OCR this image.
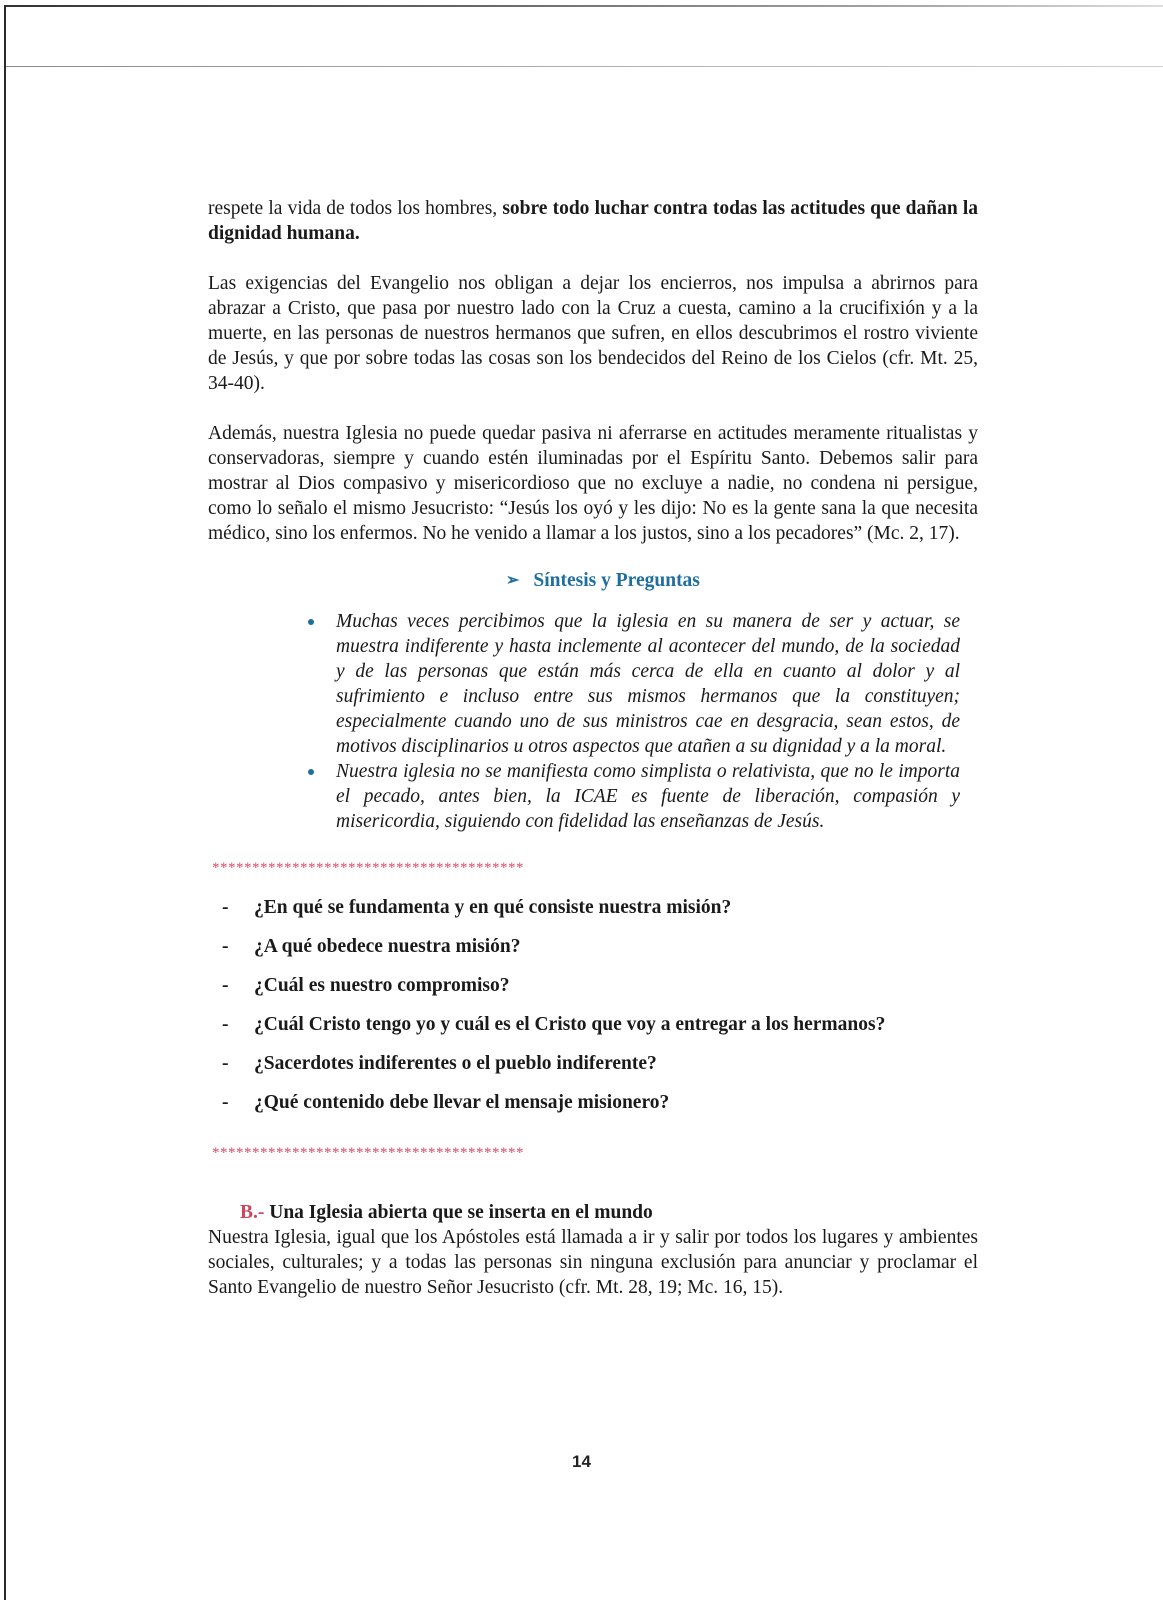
respete la vida de todos los hombres, sobre todo luchar contra todas las actitudes que dañan la dignidad humana.

Las exigencias del Evangelio nos obligan a dejar los encierros, nos impulsa a abrirnos para abrazar a Cristo, que pasa por nuestro lado con la Cruz a cuesta, camino a la crucifixión y a la muerte, en las personas de nuestros hermanos que sufren, en ellos descubrimos el rostro viviente de Jesús, y que por sobre todas las cosas son los bendecidos del Reino de los Cielos (cfr. Mt. 25, 34-40).

Además, nuestra Iglesia no puede quedar pasiva ni aferrarse en actitudes meramente ritualistas y conservadoras, siempre y cuando estén iluminadas por el Espíritu Santo. Debemos salir para mostrar al Dios compasivo y misericordioso que no excluye a nadie, no condena ni persigue, como lo señalo el mismo Jesucristo: “Jesús los oyó y les dijo: No es la gente sana la que necesita médico, sino los enfermos. No he venido a llamar a los justos, sino a los pecadores” (Mc. 2, 17).

➢ Síntesis y Preguntas
Muchas veces percibimos que la iglesia en su manera de ser y actuar, se muestra indiferente y hasta inclemente al acontecer del mundo, de la sociedad y de las personas que están más cerca de ella en cuanto al dolor y al sufrimiento e incluso entre sus mismos hermanos que la constituyen; especialmente cuando uno de sus ministros cae en desgracia, sean estos, de motivos disciplinarios u otros aspectos que atañen a su dignidad y a la moral.
Nuestra iglesia no se manifiesta como simplista o relativista, que no le importa el pecado, antes bien, la ICAE es fuente de liberación, compasión y misericordia, siguiendo con fidelidad las enseñanzas de Jesús.
***************************************
-	¿En qué se fundamenta y en qué consiste nuestra misión?
-	¿A qué obedece nuestra misión?
-	¿Cuál es nuestro compromiso?
-	¿Cuál Cristo tengo yo y cuál es el Cristo que voy a entregar a los hermanos?
-	¿Sacerdotes indiferentes o el pueblo indiferente?
-	¿Qué contenido debe llevar el mensaje misionero?
***************************************
B.- Una Iglesia abierta que se inserta en el mundo

Nuestra Iglesia, igual que los Apóstoles está llamada a ir y salir por todos los lugares y ambientes sociales, culturales; y a todas las personas sin ninguna exclusión para anunciar y proclamar el Santo Evangelio de nuestro Señor Jesucristo (cfr. Mt. 28, 19; Mc. 16, 15).

14
